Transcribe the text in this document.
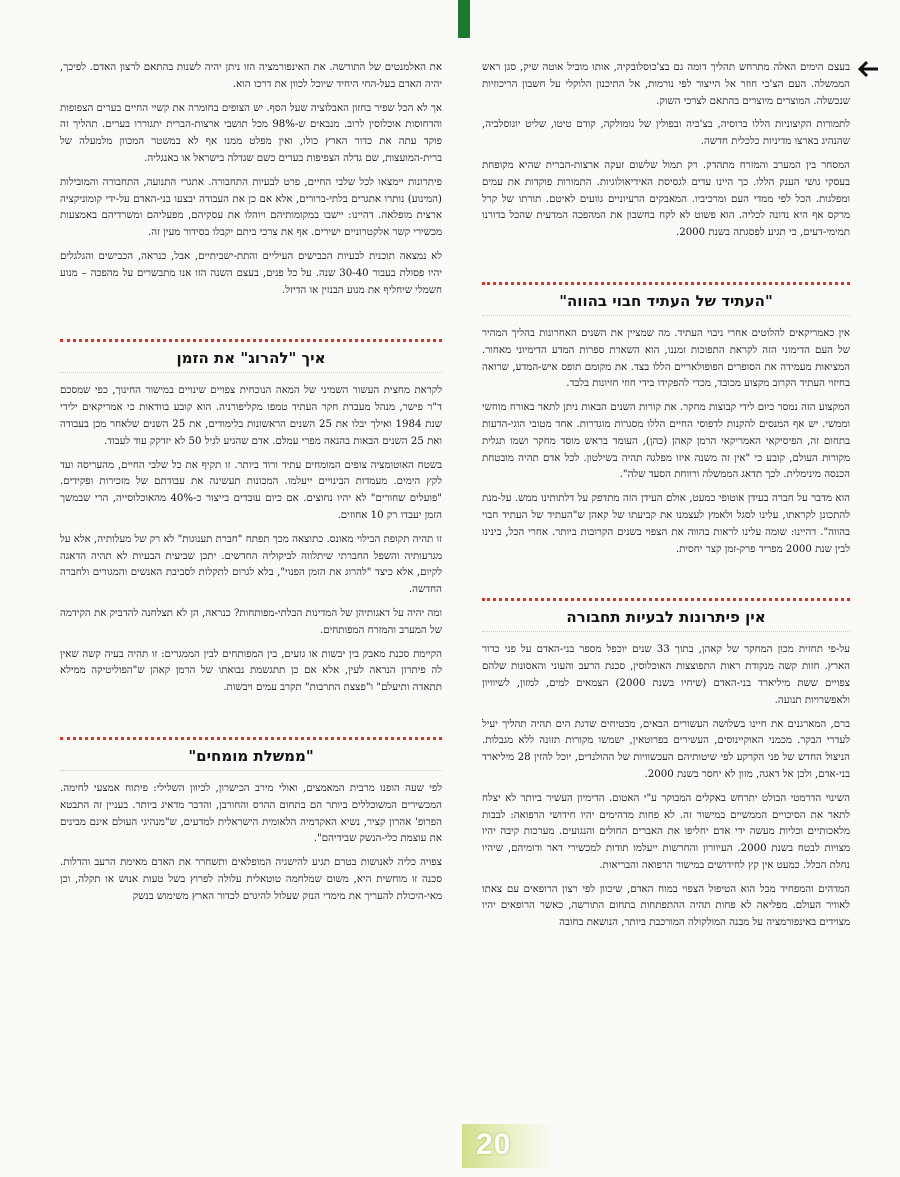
בעצם הימים האלה מתרחש תהליך דומה גם בצ'כוסלובקיה, אותו מוביל אוטה שיק, סגן ראש הממשלה. העם הצ'כי חוזר אל הייצור לפי נורמות, אל התיכנון הלוקלי על חשבון הריכוזיות שנכשלה. המוצרים מיוצרים בהתאם לצרכי השוק.

לתמורות הקיצוניות הללו ברוסיה, בצ'כיה ובפולין של גומולקה, קודם טיטו, שליט יוגוסלביה, שהנהיג בארצו מדיניות כלכלית חדשה.

המסחר בין המערב והמזרח מתהדק. רק תמול שלשום זעקה ארצות-הברית שהיא מקופחת בעסקי גושי הענק הללו. כך היינו עדים לגסיסת האידיאולוגיות. התמורות פוקדות את עמים ומפלגות. הכל לפי ממדי העם ומרכיביו. המאבקים הרעיוניים גוועים לאיטם. תורתו של קרל מרקס אף היא נדונה לכליה. הוא פשוט לא לקח בחשבון את המהפכה המדעית שהכל בדורנו תמימי-דעים, כי תגיע לפסגתה בשנת 2000.

"העתיד של העתיד חבוי בהווה"

אין כאמריקאים להלוטים אחרי ניבוי העתיד. מה שמציין את השנים האחרונות בהליך המהיר של העם הדימוני הזה לקראת התפוכות זמננו, הוא השארת ספרות המדע הדימיוני מאחור. המציאות מעמידה את הסופרים הפופולאריים הללו בצד. את מקומם תופס איש-המדע, שרואה בחיזוי העתיד הקרוב מקצוע מכובד, מכדי להפקידו בידי חוזי חזיונות בלבד.

המקצוע הזה נמסר כיום לידי קבוצות מחקר. את קורות השנים הבאות ניתן לתאר באורח מוחשי וממשי. יש אף המנסים להקנות לדפוסי החיים הללו מסגרות מוגדרות. אחד מטובי הוגי-הדעות בתחום זה, הפיסיקאי האמריקאי הרמן קאהן (כהן), העומד בראש מוסד מחקר ושמו תגלית מקורות העולם, קובע כי "אין זה משנה איזו מפלגה תהיה בשילטון. לכל אדם תהיה מובטחת הכנסה מינימלית. לכך תדאג הממשלה ורווחת הסעד שלה".

הוא מדבר על חברה בעידן אוטופי כמעט, אולם העידן הזה מתדפק על דלתותינו ממש. על-מנת להתכונן לקראתו, עלינו לסגל ולאמץ לעצמנו את קביעתו של קאהן ש"העתיד של העתיד חבוי בהווה". דהיינו: שומה עלינו לראות בהווה את הצפוי בשנים הקרובות ביותר. אחרי הכל, בינינו לבין שנת 2000 מפריד פרק-זמן קצר יחסית.

אין פיתרונות לבעיות תחבורה

על-פי תחזית מכון המחקר של קאהן, בתוך 33 שנים יוכפל מספר בני-האדם על פני כדור הארץ. חזות קשה מנקודת ראות התפוצצות האוכלוסין, סכנת הרעב והעוני והאסונות שלהם צפויים ששת מיליארד בני-האדם (שיחיו בשנת 2000) הצמאים למים, למזון, לשיוויון ולאפשרויות תנועה.

ברם, המארגנים את חיינו בשלושה העשורים הבאים, מבטיחים שדגת הים תהיה תהליך יעיל לעדרי הבקר. מכמני האוקיינוסים, העשירים בפרוטאין, ישמשו מקורות תזונה ללא מגבלות. הניצול החדש של פני הקרקע לפי שיטותיהם העכשוויות של ההולנדים, יוכל להזין 28 מיליארד בני-אדם, ולכן אל דאגה, מזון לא יחסר בשנת 2000.

השינוי הדרמטי הבולט יתרחש באקלים המבוקר ע"י האטום. הדימיון העשיר ביותר לא יצלח לתאר את הסיכויים הממשיים במישור זה. לא פחות מדהימים יהיו חידושי הרפואה: לבבות מלאכותיים וכליות מעשה ידי אדם יחליפו את האברים החולים והנגועים. מערכות קיבה יהיו מצויות לבטח בשנת 2000. העיוורון והחרשות ייעלמו תודות למכשירי דאר ודומיהם, שיהיו נחלת הכלל. כמעט אין קץ לחידושים במישור הרפואה והבריאות.

המדהים והמפחיד מכל הוא הטיפול הצפוי במוח האדם, שיכוון לפי רצון הרופאים עם צאתו לאוויר העולם. מפליאה לא פחות תהיה ההתפתחות בתחום התורשה, כאשר הרופאים יהיו מצוידים באינפורמציה על מבנה המולקולה המורכבת ביותר, הנושאת בחובה

את האלמנטים של התורשה. את האינפורמציה הזו ניתן יהיה לשנות בהתאם לרצון האדם. לפיכך, יהיה האדם בעל-החי היחיד שיוכל לכוון את דרכו הוא.

אך לא הכל שפיר בחזון האבלוציה שעל הסף. יש הצופים בחומרה את קשיי החיים בערים הצפופות והדחוסות אוכלוסין לרוב. מנבאים ש-98% מכל תושבי ארצות-הברית יתגוררו בערים. תהליך זה פוקד עתה את כדור הארץ כולו, ואין מפלט ממנו אף לא במשטר המכוון מלמעלה של ברית-המועצות, שם גדלה הצפיפות בערים כשם שגדלה בישראל או באנגליה.

פיתרונות יימצאו לכל שלבי החיים, פרט לבעיות התחבורה. אתגרי התנועה, התחבורה והמובילות (המינוע) נותרו אתגרים בלתי-ברורים, אלא אם כן את העבודה יבצעו בני-האדם על-ידי קומוניקציה ארצית מופלאה. דהיינו: יישבו במקומותיהם ויוהלו את עסקיהם, מפעליהם ומשרדיהם באמצעות מכשירי קשר אלקטרוניים ישירים. אף את צרכי ביתם יקבלו בסידור מעין זה.

לא נמצאה תוכנית לבעיות הכבישים העיליים והתת-ישביתיים, אבל, כנראה, הכבישים והגלגלים יהיו פסולת בעבור 30-40 שנה. על כל פנים, בעצם השנה הזו אנו מתבשרים על מהפכה – מנוע חשמלי שיחליף את מנוע הבנזין או הדיזל.

איך "להרוג" את הזמן

לקראת מחצית העשור השמיני של המאה הנוכחית צפויים שינויים במישור החינוך, כפי שמסכם ד"ר פישר, מנהל מעבדת חקר העתיד טמפו מקליפורניה. הוא קובע בוודאות כי אמריקאים ילידי שנת 1984 ואילך יבלו את 25 השנים הראשונות בלימודים, את 25 השנים שלאחר מכן בעבודה ואת 25 השנים הבאות בהנאה מפרי עמלם. אדם שהגיע לגיל 50 לא יזדקק עוד לעבוד.

בשטח האוטומציה צופים המומחים עתיד ורוד ביותר. זו תקיף את כל שלבי החיים, מהעריסה ועד לקץ הימים. מעמדות הבינויים ייעלמו. המכונות תעשינה את עבודתם של מזכירות ופקידים. "פועלים שחורים" לא יהיו נחוצים. אם כיום עובדים בייצור כ-40% מהאוכלוסייה, הרי שבמשך הזמן יעבדו רק 10 אחוזים.

זו תהיה תקופת הבילוי מאונס. כתוצאה מכך תפתח "חברת תענוגות" לא רק של מעלותיה, אלא על מגרעותיה והשפל החברתי שיתלווה לביקוליה החדשים. יתכן שביעית הבעיות לא תהיה הדאגה לקיום, אלא כיצד "להרוג את הזמן הפנוי", בלא לגרום לתקלות לסביבת האנשים והמגורים ולחברה החדשה.

ומה יהיה על דאגותיהן של המדינות הבלתי-מפותחות? כנראה, הן לא תצלחנה להדביק את הקידמה של המערב והמזרח המפותחים.

הקיימת סכנת מאבק בין יבשות או גזעים, בין המפותחים לבין הממגרים: זו תהיה בעיה קשה שאין לה פיתרון הנראה לעין, אלא אם כן תתגשמת נבואתו של הרמן קאהן ש"הפוליטיקה ממילא תתאדה ותיעלם" ו"פצצת התרבות" תקרב עמים ויבשות.

"ממשלת מומחים"

לפי שעה הופנו מרבית המאמצים, ואולי מירב הכישרון, לכיוון השלילי: פיתוח אמצעי לחימה. המכשירים המשוכללים ביותר הם בתחום ההרס והחורבן, והדבר מדאיג ביותר. בעניין זה התבטא הפרופ' אהרון קציר, נשיא האקדמיה הלאומית הישראלית למדעים, ש"מנהיגי העולם אינם מבינים את עוצמת כלי-הנשק שבידיהם".

צפויה כליה לאנושות בטרם תגיע להישגיה המופלאים ותשחרר את האדם מאימת הרעב והדלות. סכנה זו מוחשית היא, משום שמלחמה טוטאלית עלולה לפרוץ בשל טעות אנוש או תקלה, וכן מאי-היכולת להעריך את מימדי הנזק שעלול להיגרם לכדור הארץ משימוש בנשק

20
